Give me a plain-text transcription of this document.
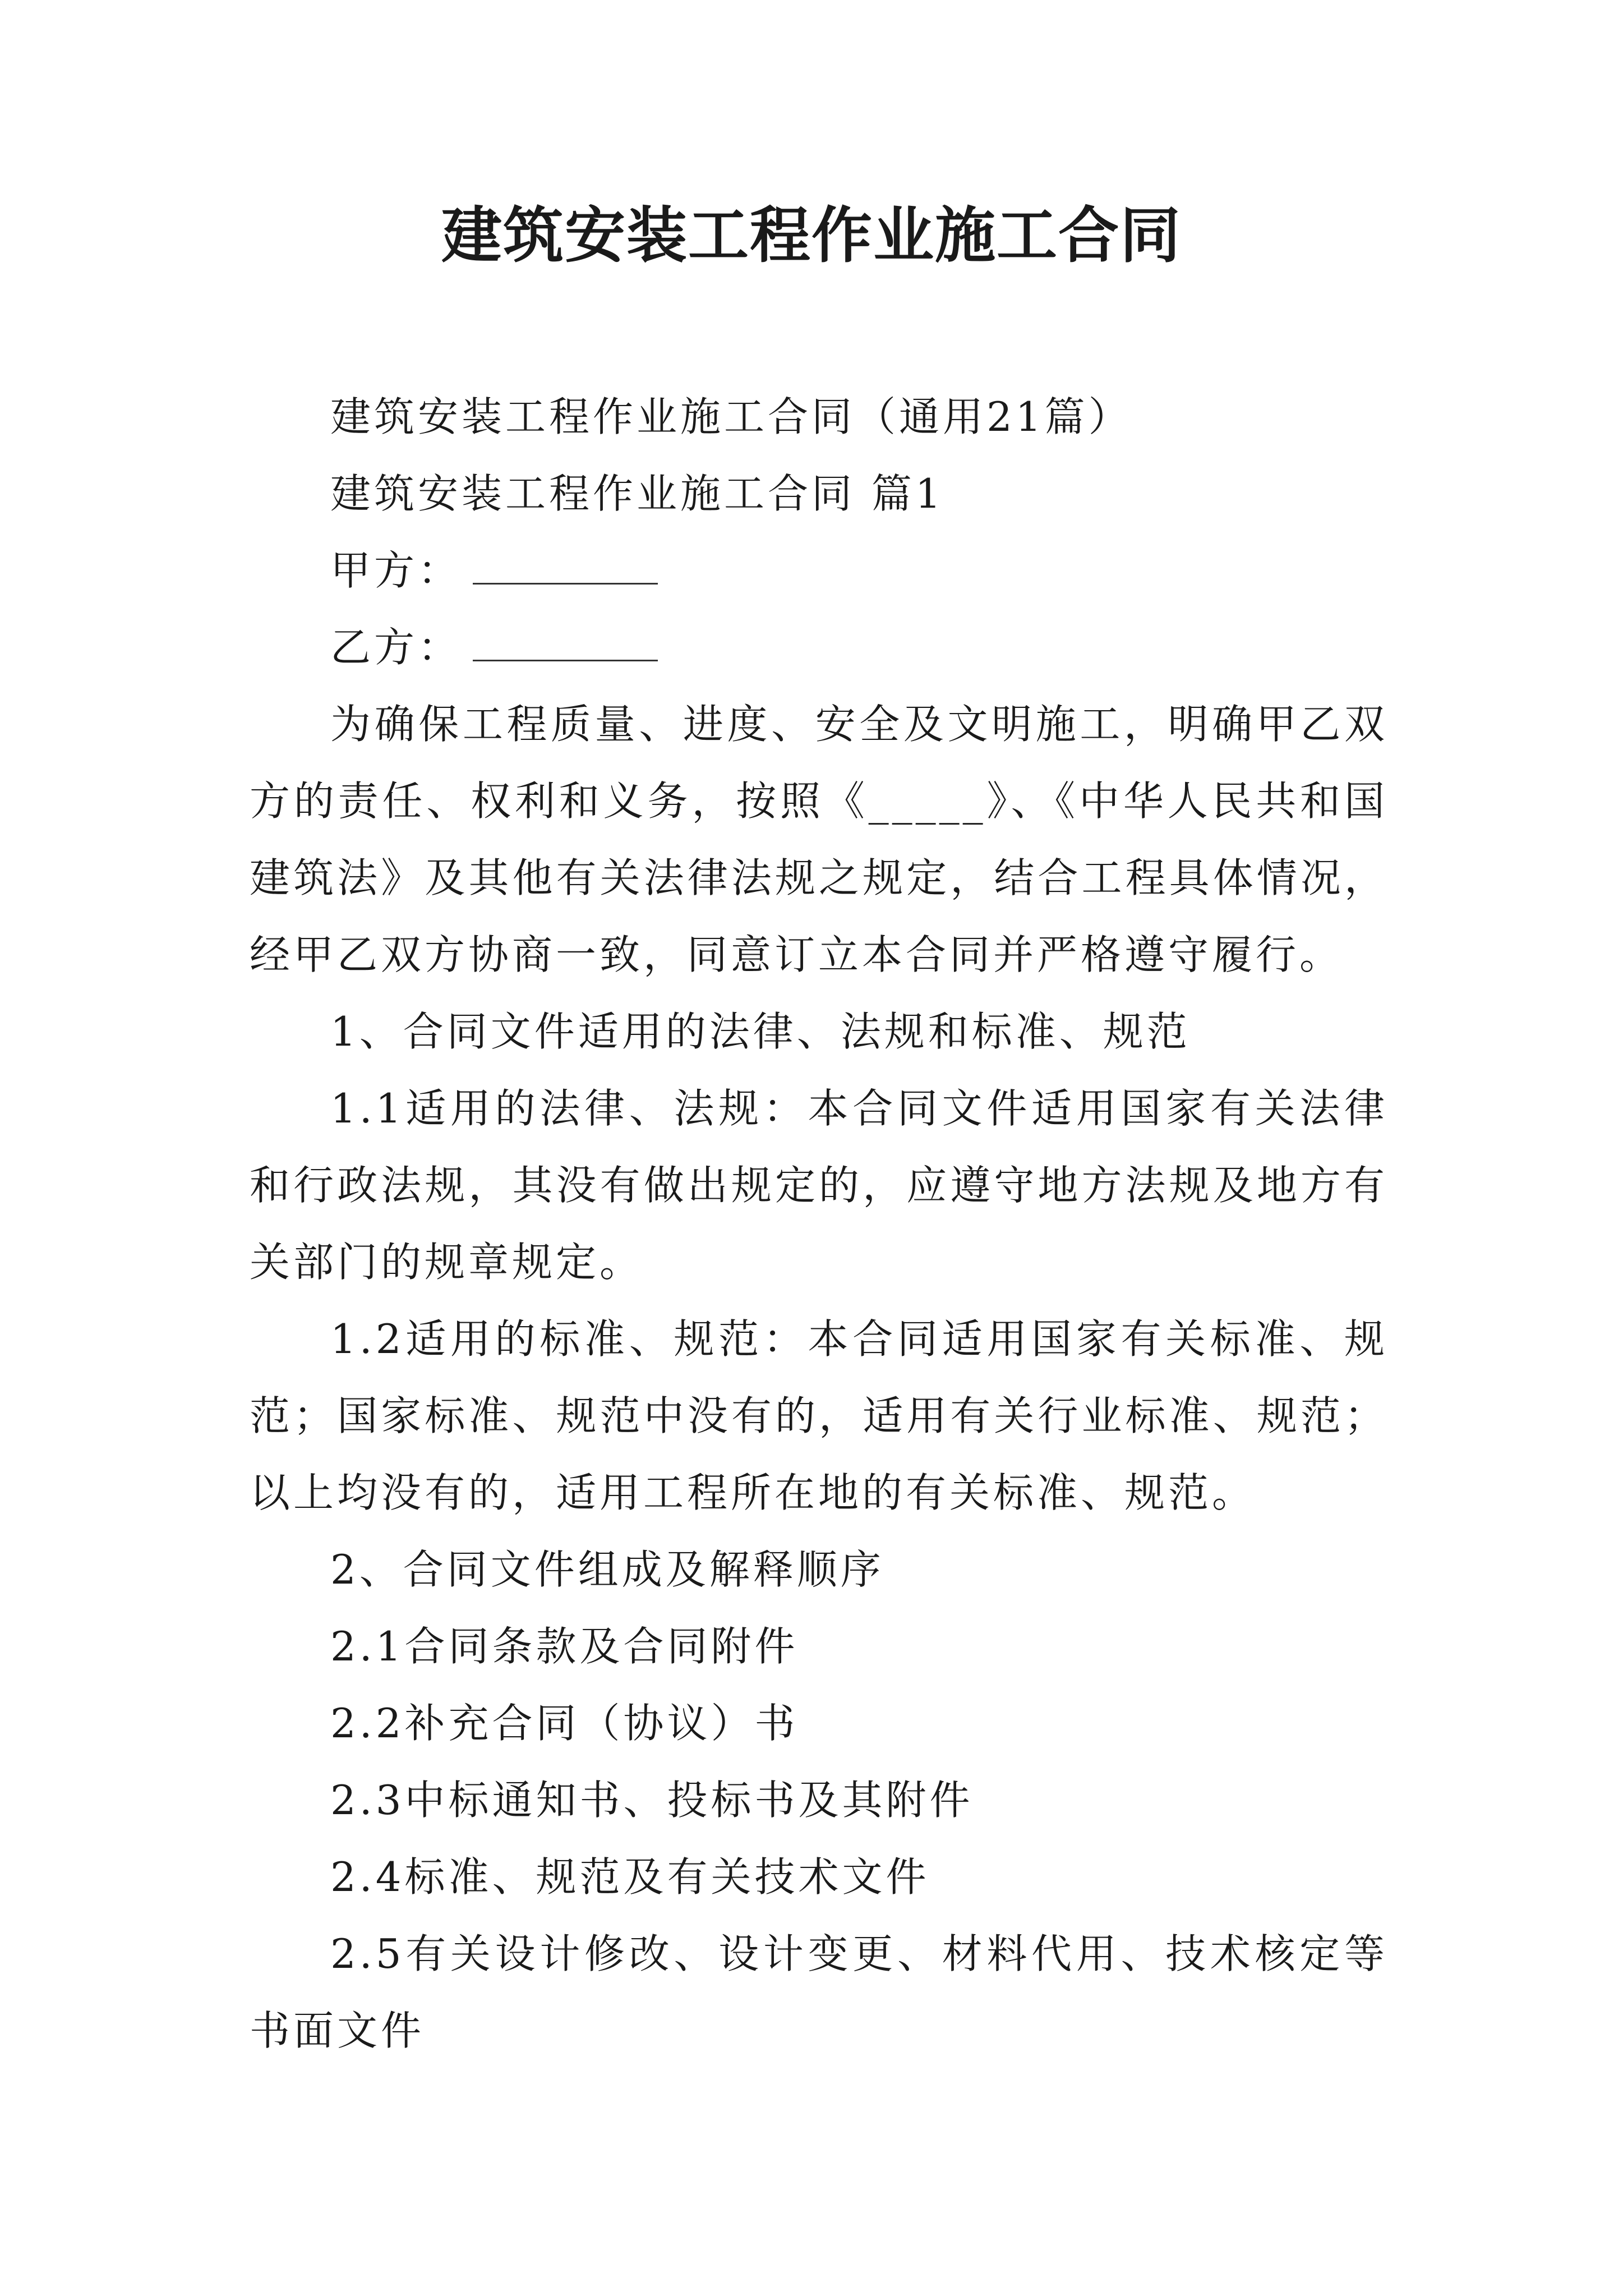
建筑安装工程作业施工合同

建筑安装工程作业施工合同（通用21篇）

建筑安装工程作业施工合同 篇1

甲方：

乙方：

为确保工程质量、进度、安全及文明施工，明确甲乙双方的责任、权利和义务，按照《_____》、《中华人民共和国建筑法》及其他有关法律法规之规定，结合工程具体情况，经甲乙双方协商一致，同意订立本合同并严格遵守履行。

1、合同文件适用的法律、法规和标准、规范

1.1适用的法律、法规：本合同文件适用国家有关法律和行政法规，其没有做出规定的，应遵守地方法规及地方有关部门的规章规定。

1.2适用的标准、规范：本合同适用国家有关标准、规范；国家标准、规范中没有的，适用有关行业标准、规范；以上均没有的，适用工程所在地的有关标准、规范。

2、合同文件组成及解释顺序

2.1合同条款及合同附件

2.2补充合同（协议）书

2.3中标通知书、投标书及其附件

2.4标准、规范及有关技术文件

2.5有关设计修改、设计变更、材料代用、技术核定等书面文件
